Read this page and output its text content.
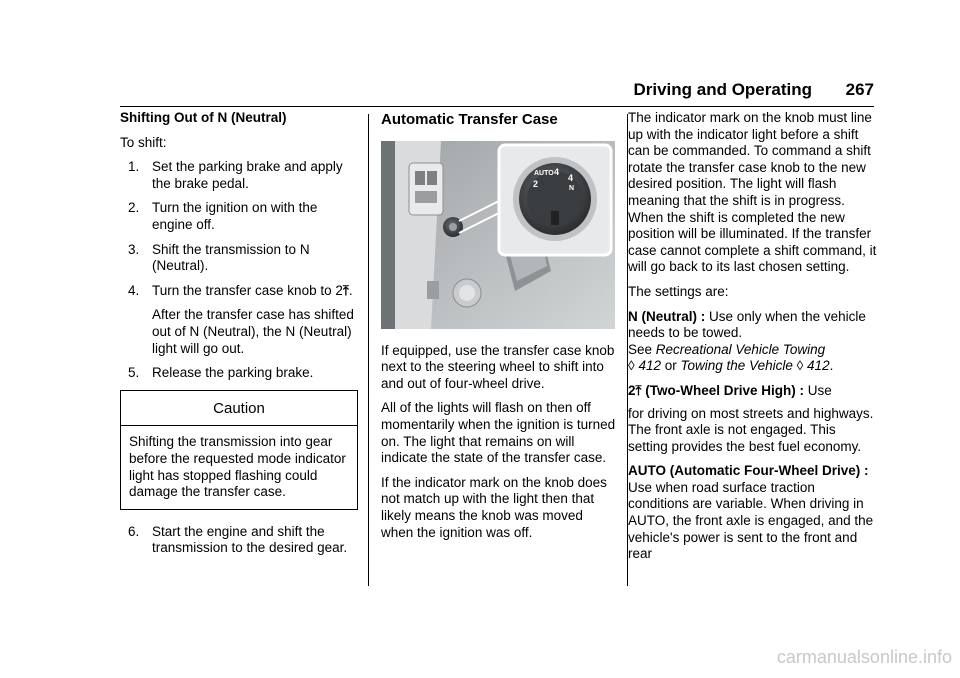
Driving and Operating 267

Shifting Out of N (Neutral)

To shift:

1. Set the parking brake and apply the brake pedal.
2. Turn the ignition on with the engine off.
3. Shift the transmission to N (Neutral).
4. Turn the transfer case knob to 2⤒.
After the transfer case has shifted out of N (Neutral), the N (Neutral) light will go out.
5. Release the parking brake.
Caution
Shifting the transmission into gear before the requested mode indicator light has stopped flashing could damage the transfer case.
6. Start the engine and shift the transmission to the desired gear.
Automatic Transfer Case
AUTO
2
4
4
N

If equipped, use the transfer case knob next to the steering wheel to shift into and out of four-wheel drive.

All of the lights will flash on then off momentarily when the ignition is turned on. The light that remains on will indicate the state of the transfer case.

If the indicator mark on the knob does not match up with the light then that likely means the knob was moved when the ignition was off.

The indicator mark on the knob must line up with the indicator light before a shift can be commanded. To command a shift rotate the transfer case knob to the new desired position. The light will flash meaning that the shift is in progress. When the shift is completed the new position will be illuminated. If the transfer case cannot complete a shift command, it will go back to its last chosen setting.

The settings are:

N (Neutral) : Use only when the vehicle needs to be towed.
See Recreational Vehicle Towing
◊ 412 or Towing the Vehicle ◊ 412.

2⤒ (Two-Wheel Drive High) : Use
for driving on most streets and highways. The front axle is not engaged. This setting provides the best fuel economy.

AUTO (Automatic Four-Wheel Drive) : Use when road surface traction conditions are variable. When driving in AUTO, the front axle is engaged, and the vehicle's power is sent to the front and rear

carmanualsonline.info
